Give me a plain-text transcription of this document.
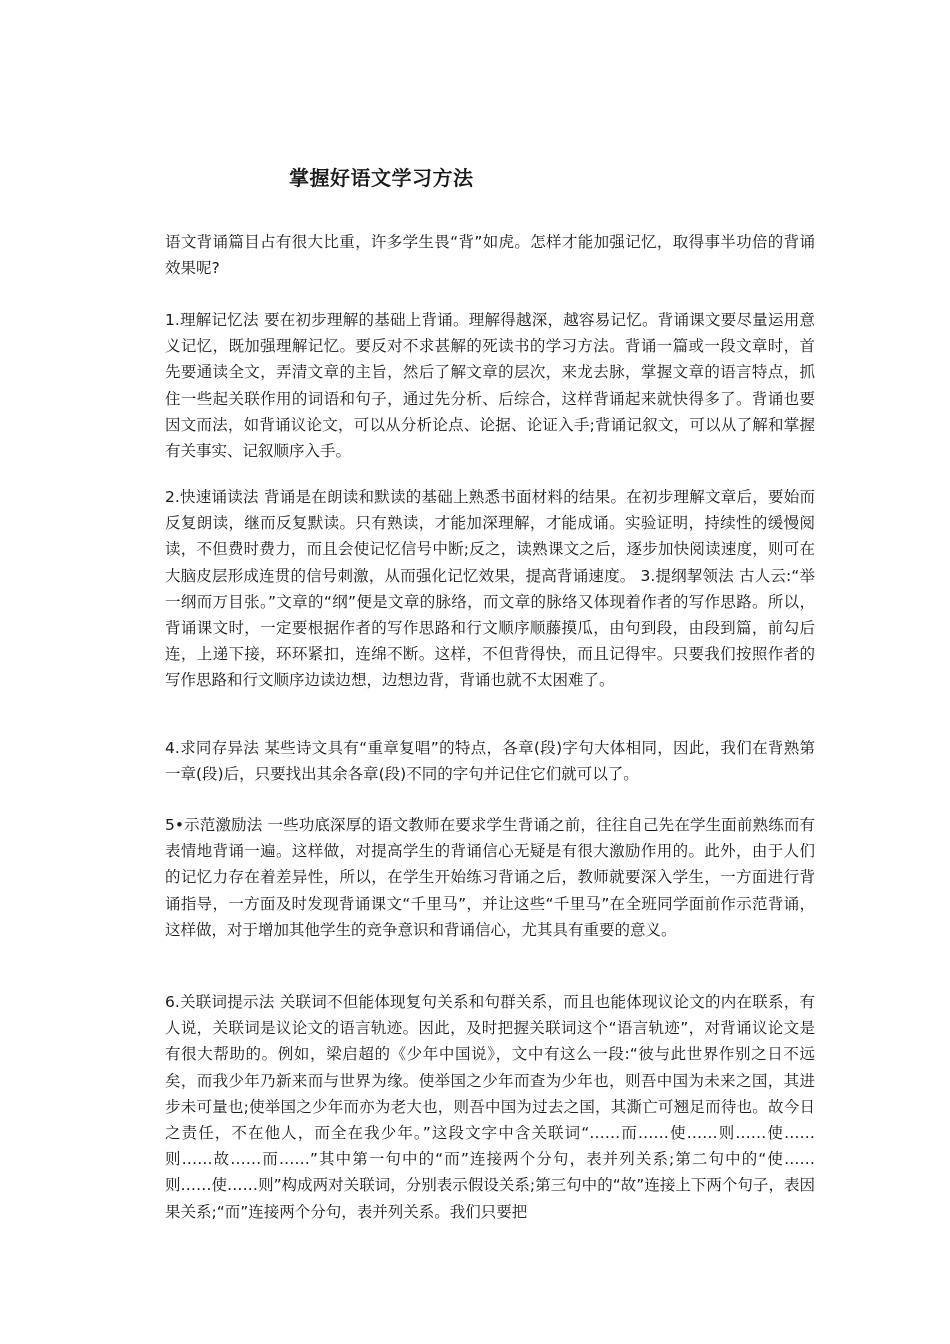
掌握好语文学习方法

语文背诵篇目占有很大比重，许多学生畏“背”如虎。怎样才能加强记忆，取得事半功倍的背诵效果呢?

1.理解记忆法 要在初步理解的基础上背诵。理解得越深，越容易记忆。背诵课文要尽量运用意义记忆，既加强理解记忆。要反对不求甚解的死读书的学习方法。背诵一篇或一段文章时，首先要通读全文，弄清文章的主旨，然后了解文章的层次，来龙去脉，掌握文章的语言特点，抓住一些起关联作用的词语和句子，通过先分析、后综合，这样背诵起来就快得多了。背诵也要因文而法，如背诵议论文，可以从分析论点、论据、论证入手;背诵记叙文，可以从了解和掌握有关事实、记叙顺序入手。

2.快速诵读法 背诵是在朗读和默读的基础上熟悉书面材料的结果。在初步理解文章后，要始而反复朗读，继而反复默读。只有熟读，才能加深理解，才能成诵。实验证明，持续性的缓慢阅读，不但费时费力，而且会使记忆信号中断;反之，读熟课文之后，逐步加快阅读速度，则可在大脑皮层形成连贯的信号刺激，从而强化记忆效果，提高背诵速度。 3.提纲挈领法 古人云:“举一纲而万目张。”文章的“纲”便是文章的脉络，而文章的脉络又体现着作者的写作思路。所以，背诵课文时，一定要根据作者的写作思路和行文顺序顺藤摸瓜，由句到段，由段到篇，前勾后连，上递下接，环环紧扣，连绵不断。这样，不但背得快，而且记得牢。只要我们按照作者的写作思路和行文顺序边读边想，边想边背，背诵也就不太困难了。

4.求同存异法 某些诗文具有“重章复唱”的特点，各章(段)字句大体相同，因此，我们在背熟第一章(段)后，只要找出其余各章(段)不同的字句并记住它们就可以了。

5•示范激励法 一些功底深厚的语文教师在要求学生背诵之前，往往自己先在学生面前熟练而有表情地背诵一遍。这样做，对提高学生的背诵信心无疑是有很大激励作用的。此外，由于人们的记忆力存在着差异性，所以，在学生开始练习背诵之后，教师就要深入学生，一方面进行背诵指导，一方面及时发现背诵课文“千里马”，并让这些“千里马”在全班同学面前作示范背诵，这样做，对于增加其他学生的竞争意识和背诵信心，尤其具有重要的意义。

6.关联词提示法 关联词不但能体现复句关系和句群关系，而且也能体现议论文的内在联系，有人说，关联词是议论文的语言轨迹。因此，及时把握关联词这个“语言轨迹”，对背诵议论文是有很大帮助的。例如，梁启超的《少年中国说》，文中有这么一段:“彼与此世界作别之日不远矣，而我少年乃新来而与世界为缘。使举国之少年而查为少年也，则吾中国为未来之国，其进步未可量也;使举国之少年而亦为老大也，则吾中国为过去之国，其澌亡可翘足而待也。故今日之责任，不在他人，而全在我少年。”这段文字中含关联词“……而……使……则……使……则……故……而……”其中第一句中的“而”连接两个分句，表并列关系;第二句中的“使……则……使……则”构成两对关联词，分别表示假设关系;第三句中的“故”连接上下两个句子，表因果关系;“而”连接两个分句，表并列关系。我们只要把
